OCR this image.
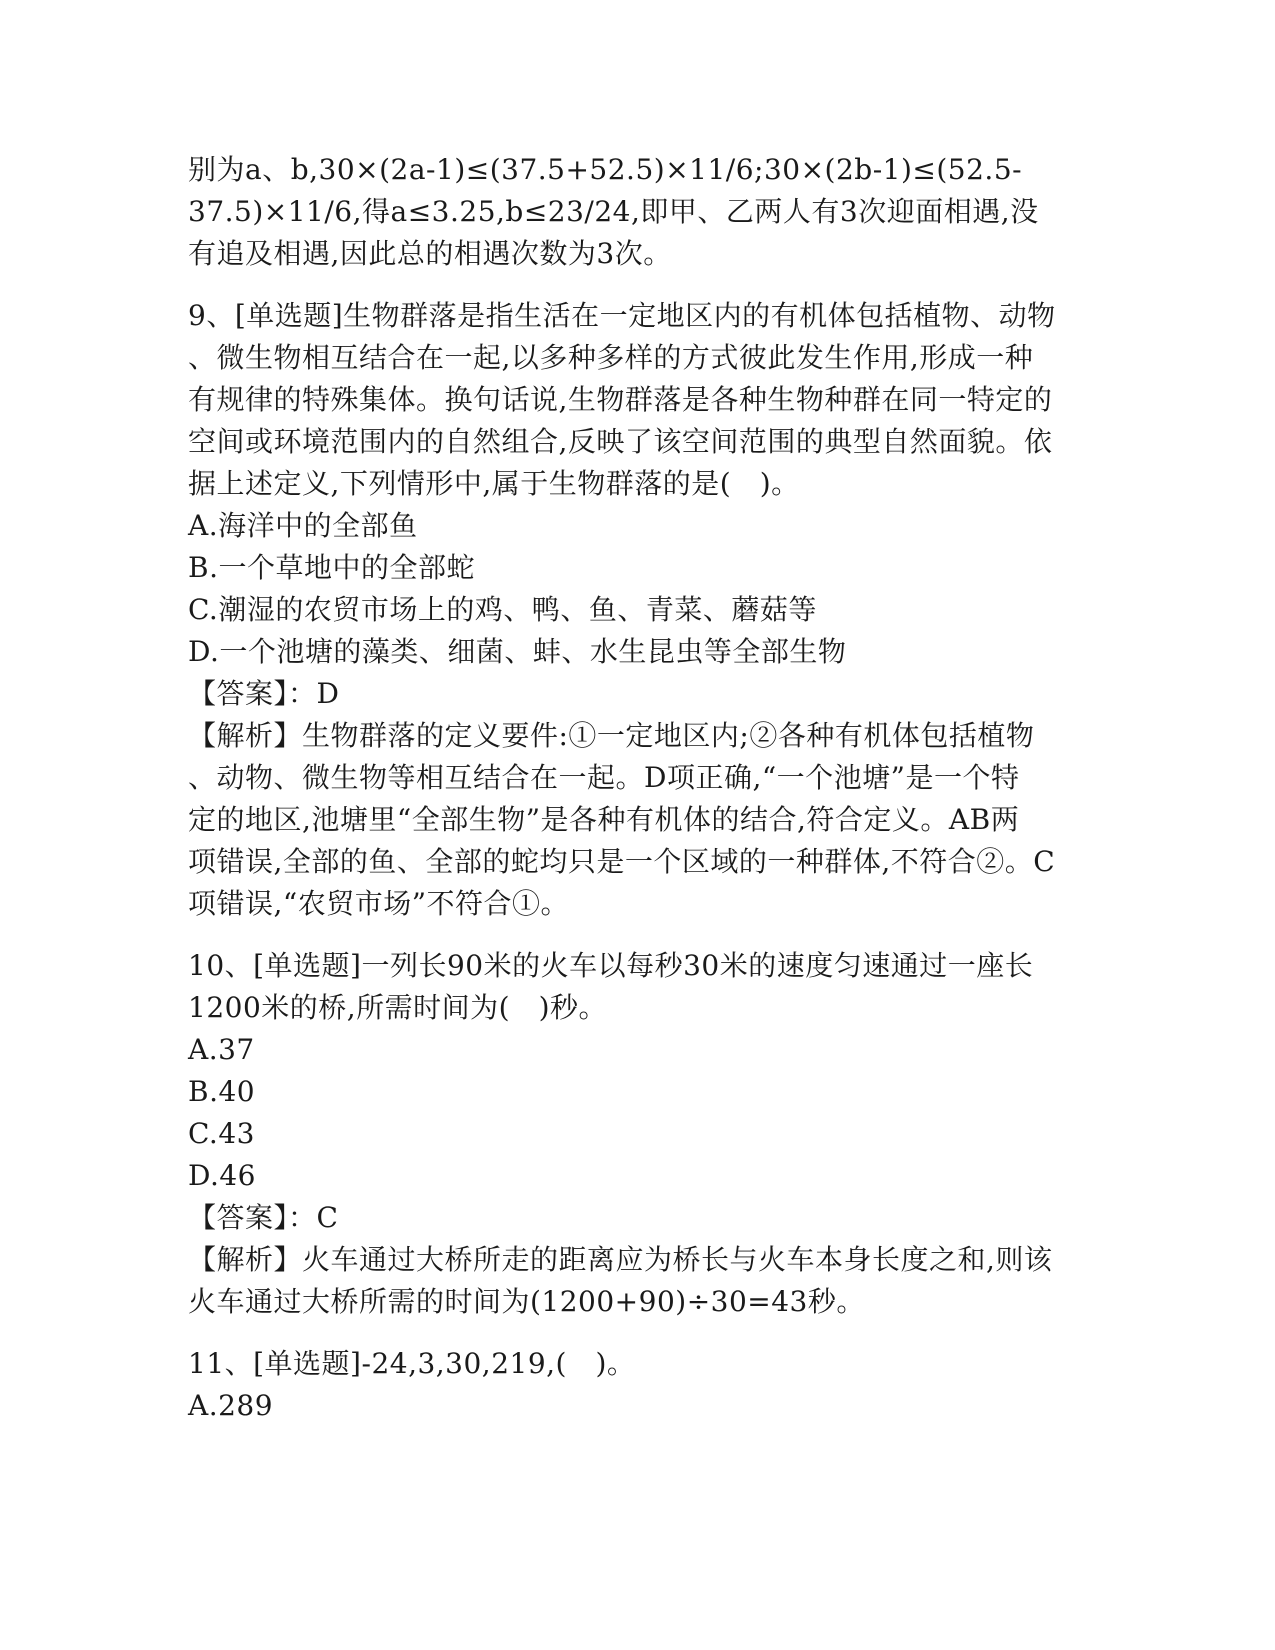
别为a、b,30×(2a-1)≤(37.5+52.5)×11/6;30×(2b-1)≤(52.5-
37.5)×11/6,得a≤3.25,b≤23/24,即甲、乙两人有3次迎面相遇,没
有追及相遇,因此总的相遇次数为3次。
9、[单选题]生物群落是指生活在一定地区内的有机体包括植物、动物
、微生物相互结合在一起,以多种多样的方式彼此发生作用,形成一种
有规律的特殊集体。换句话说,生物群落是各种生物种群在同一特定的
空间或环境范围内的自然组合,反映了该空间范围的典型自然面貌。依
据上述定义,下列情形中,属于生物群落的是(　)。
A.海洋中的全部鱼
B.一个草地中的全部蛇
C.潮湿的农贸市场上的鸡、鸭、鱼、青菜、蘑菇等
D.一个池塘的藻类、细菌、蚌、水生昆虫等全部生物
【答案】：D
【解析】生物群落的定义要件:①一定地区内;②各种有机体包括植物
、动物、微生物等相互结合在一起。D项正确,“一个池塘”是一个特
定的地区,池塘里“全部生物”是各种有机体的结合,符合定义。AB两
项错误,全部的鱼、全部的蛇均只是一个区域的一种群体,不符合②。C
项错误,“农贸市场”不符合①。
10、[单选题]一列长90米的火车以每秒30米的速度匀速通过一座长
1200米的桥,所需时间为(　)秒。
A.37
B.40
C.43
D.46
【答案】：C
【解析】火车通过大桥所走的距离应为桥长与火车本身长度之和,则该
火车通过大桥所需的时间为(1200+90)÷30=43秒。
11、[单选题]-24,3,30,219,(　)。
A.289
